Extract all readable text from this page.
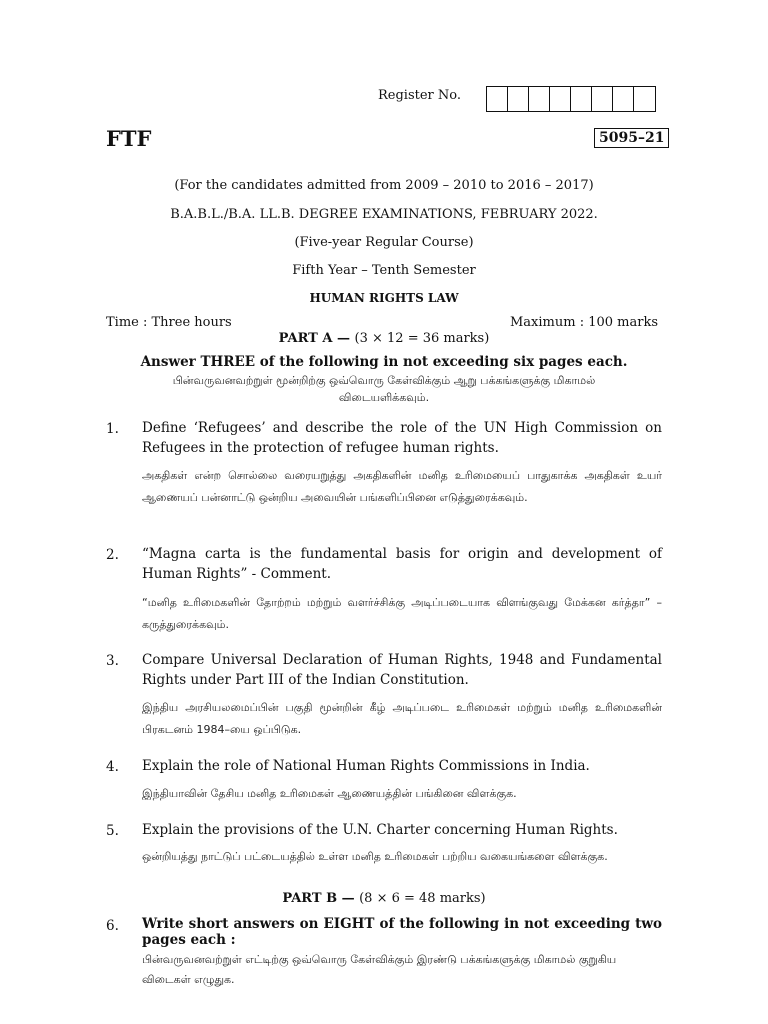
Register No.
FTF	5095–21
(For the candidates admitted from 2009 – 2010 to 2016 – 2017)
B.A.B.L./B.A. LL.B. DEGREE EXAMINATIONS, FEBRUARY 2022.
(Five-year Regular Course)
Fifth Year – Tenth Semester
HUMAN RIGHTS LAW
Time : Three hours	Maximum : 100 marks
PART A — (3 × 12 = 36 marks)
Answer THREE of the following in not exceeding six pages each.
பின்வருவனவற்றுள் மூன்றிற்கு ஒவ்வொரு கேள்விக்கும் ஆறு பக்கங்களுக்கு மிகாமல்
விடையளிக்கவும்.
1. Define ‘Refugees’ and describe the role of the UN High Commission on Refugees in the protection of refugee human rights.
அகதிகள் என்ற சொல்லை வரையறுத்து அகதிகளின் மனித உரிமையைப் பாதுகாக்க அகதிகள் உயர் ஆணையப் பன்னாட்டு ஒன்றிய அவையின் பங்களிப்பினை எடுத்துரைக்கவும்.
2. “Magna carta is the fundamental basis for origin and development of Human Rights” - Comment.
“மனித உரிமைகளின் தோற்றம் மற்றும் வளர்ச்சிக்கு அடிப்படையாக விளங்குவது மேக்கன கர்த்தா” – கருத்துரைக்கவும்.
3. Compare Universal Declaration of Human Rights, 1948 and Fundamental Rights under Part III of the Indian Constitution.
இந்திய அரசியலமைப்பின் பகுதி மூன்றின் கீழ் அடிப்படை உரிமைகள் மற்றும் மனித உரிமைகளின் பிரகடனம் 1984–யை ஒப்பிடுக.
4. Explain the role of National Human Rights Commissions in India.
இந்தியாவின் தேசிய மனித உரிமைகள் ஆணையத்தின் பங்கினை விளக்குக.
5. Explain the provisions of the U.N. Charter concerning Human Rights.
ஒன்றியத்து நாட்டுப் பட்டையத்தில் உள்ள மனித உரிமைகள் பற்றிய வகையங்களை விளக்குக.
PART B — (8 × 6 = 48 marks)
6. Write short answers on EIGHT of the following in not exceeding two pages each :
பின்வருவனவற்றுள் எட்டிற்கு ஒவ்வொரு கேள்விக்கும் இரண்டு பக்கங்களுக்கு மிகாமல் குறுகிய விடைகள் எழுதுக.
